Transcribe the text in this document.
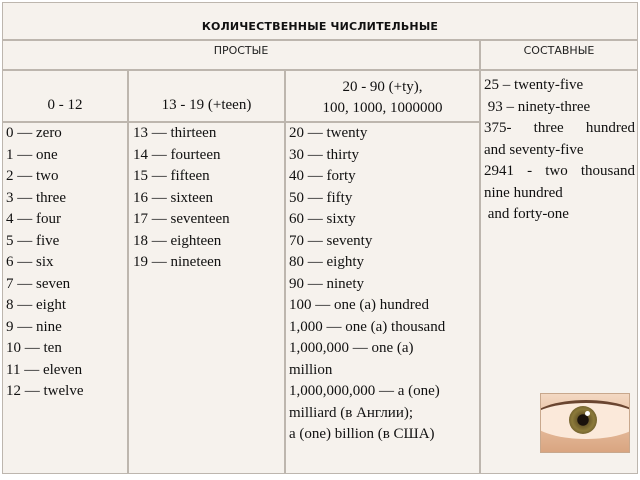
КОЛИЧЕСТВЕННЫЕ ЧИСЛИТЕЛЬНЫЕ
ПРОСТЫЕ	СОСТАВНЫЕ
0 - 12	13 - 19 (+teen)
20 - 90 (+ty),
100, 1000, 1000000
0 — zero
1 — one
2 — two
3 — three
4 — four
5 — five
6 — six
7 — seven
8 — eight
9 — nine
10 — ten
11 — eleven
12 — twelve
13 — thirteen
14 — fourteen
15 — fifteen
16 — sixteen
17 — seventeen
18 — eighteen
19 — nineteen
20 — twenty
30 — thirty
40 — forty
50 — fifty
60 — sixty
70 — seventy
80 — eighty
90 — ninety
100 — one (a) hundred
1,000 — one (a) thousand
1,000,000 — one (a)
million
1,000,000,000 — a (one)
milliard (в Англии);
a (one) billion (в США)
25 – twenty-five
93 – ninety-three
375- three hundred
and seventy-five
2941 - two thousand
nine hundred
and forty-one
